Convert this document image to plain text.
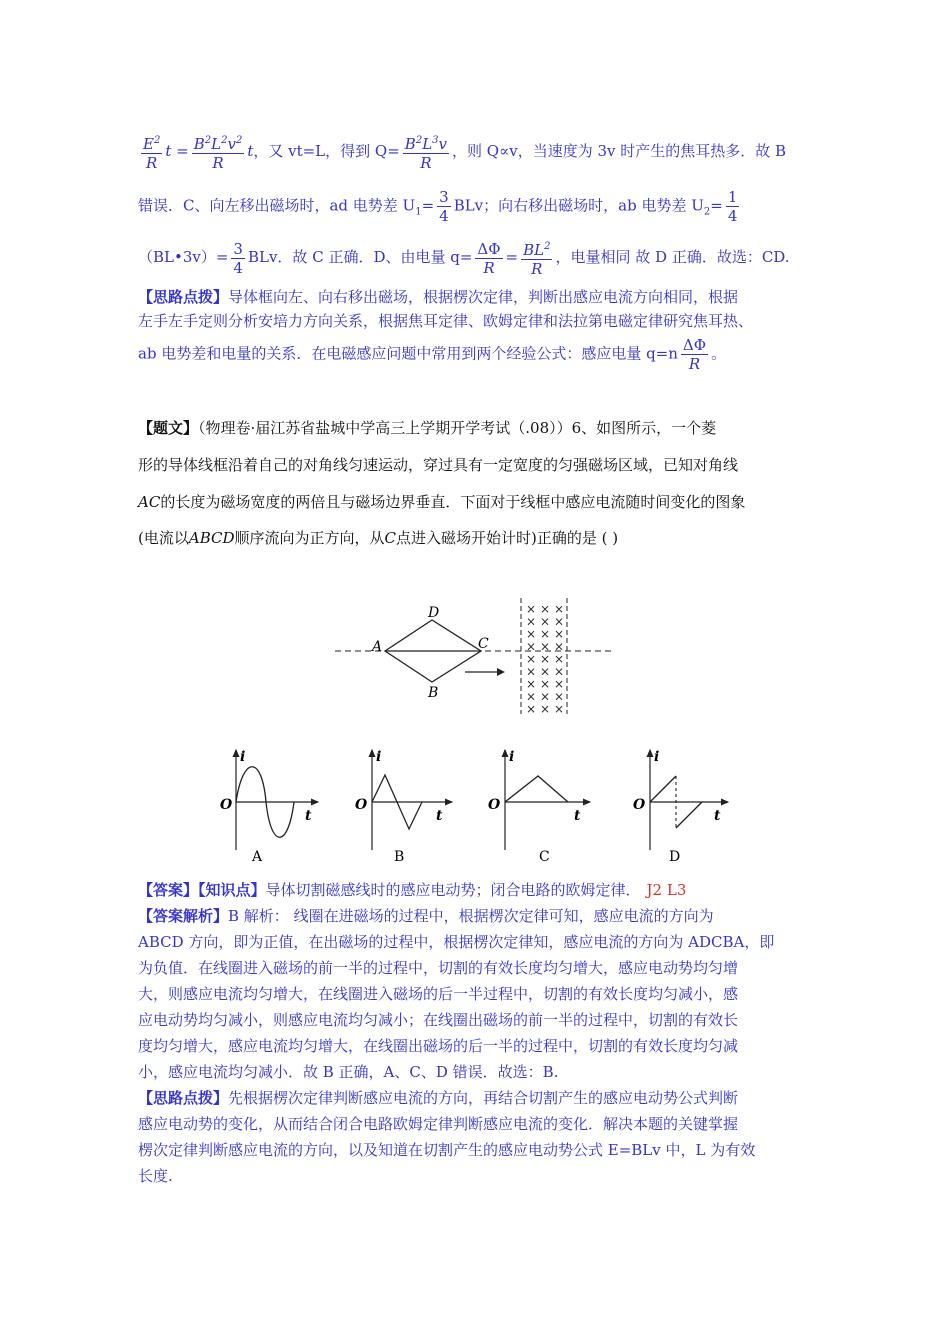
$\frac{E^2}{R}$ $t = \frac{B^2L^2v^2}{R}$ t，又 vt=L，得到 $Q= \frac{B^2L^3v}{R}$ ，则 Q∝v，当速度为 3v 时产生的焦耳热多．故 B
错误．C、向左移出磁场时，ad 电势差 $U_1= \frac{3}{4}$ BLv；向右移出磁场时，ab 电势差 $U_2= \frac{1}{4}$
（BL•3v）= $\frac{3}{4}$ BLv．故 C 正确．D、由电量 $q= \frac{\Delta\Phi}{R} = \frac{BL^2}{R}$ ，电量相同 故 D 正确．故选：CD.
【思路点拨】导体框向左、向右移出磁场，根据楞次定律，判断出感应电流方向相同，根据
左手左手定则分析安培力方向关系，根据焦耳定律、欧姆定律和法拉第电磁定律研究焦耳热、
ab 电势差和电量的关系．在电磁感应问题中常用到两个经验公式：感应电量 $q=n \frac{\Delta\Phi}{R}$ 。
【题文】（物理卷·届江苏省盐城中学高三上学期开学考试（.08））6、如图所示，一个菱
形的导体线框沿着自己的对角线匀速运动，穿过具有一定宽度的匀强磁场区域，已知对角线
AC的长度为磁场宽度的两倍且与磁场边界垂直．下面对于线框中感应电流随时间变化的图象
(电流以ABCD顺序流向为正方向，从C点进入磁场开始计时)正确的是 ( )
× × ×
× × ×
× × ×
× × ×
× × ×
× × ×
× × ×
× × ×
× × ×
A
D
C
B
i
t
O
A
i
t
O
B
i
t
O
C
i
t
O
D
【答案】【知识点】导体切割磁感线时的感应电动势；闭合电路的欧姆定律． J2 L3
【答案解析】B 解析： 线圈在进磁场的过程中，根据楞次定律可知，感应电流的方向为
ABCD 方向，即为正值，在出磁场的过程中，根据楞次定律知，感应电流的方向为 ADCBA，即
为负值．在线圈进入磁场的前一半的过程中，切割的有效长度均匀增大，感应电动势均匀增
大，则感应电流均匀增大，在线圈进入磁场的后一半过程中，切割的有效长度均匀减小，感
应电动势均匀减小，则感应电流均匀减小；在线圈出磁场的前一半的过程中，切割的有效长
度均匀增大，感应电流均匀增大，在线圈出磁场的后一半的过程中，切割的有效长度均匀减
小，感应电流均匀减小．故 B 正确，A、C、D 错误．故选：B.
【思路点拨】先根据楞次定律判断感应电流的方向，再结合切割产生的感应电动势公式判断
感应电动势的变化，从而结合闭合电路欧姆定律判断感应电流的变化．解决本题的关键掌握
楞次定律判断感应电流的方向，以及知道在切割产生的感应电动势公式 E=BLv 中，L 为有效
长度.
